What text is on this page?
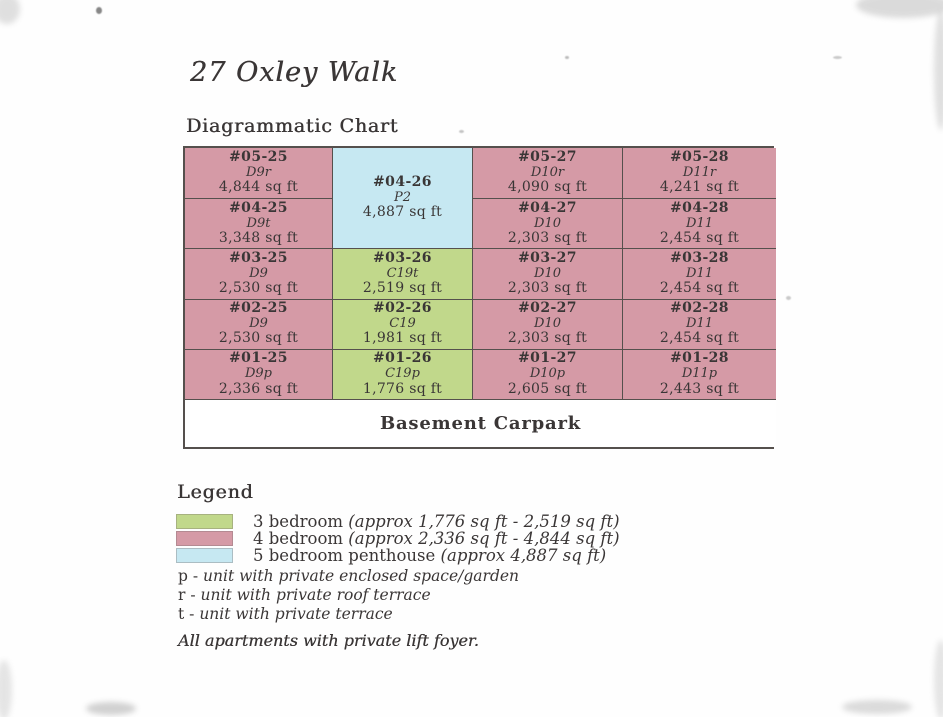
27 Oxley Walk
Diagrammatic Chart
#01-28
D11p
2,443 sq ft
#02-28
D11
2,454 sq ft
#03-28
D11
2,454 sq ft
#04-28
D11
2,454 sq ft
#05-28
D11r
4,241 sq ft
#01-27
D10p
2,605 sq ft
#02-27
D10
2,303 sq ft
#03-27
D10
2,303 sq ft
#04-27
D10
2,303 sq ft
#05-27
D10r
4,090 sq ft
#01-26
C19p
1,776 sq ft
#02-26
C19
1,981 sq ft
#03-26
C19t
2,519 sq ft
#04-26
P2
4,887 sq ft
#01-25
D9p
2,336 sq ft
#02-25
D9
2,530 sq ft
#03-25
D9
2,530 sq ft
#04-25
D9t
3,348 sq ft
#05-25
D9r
4,844 sq ft
Basement Carpark
Legend
3 bedroom (approx 1,776 sq ft - 2,519 sq ft)
4 bedroom (approx 2,336 sq ft - 4,844 sq ft)
5 bedroom penthouse (approx 4,887 sq ft)
p - unit with private enclosed space/garden
r - unit with private roof terrace
t - unit with private terrace

All apartments with private lift foyer.
